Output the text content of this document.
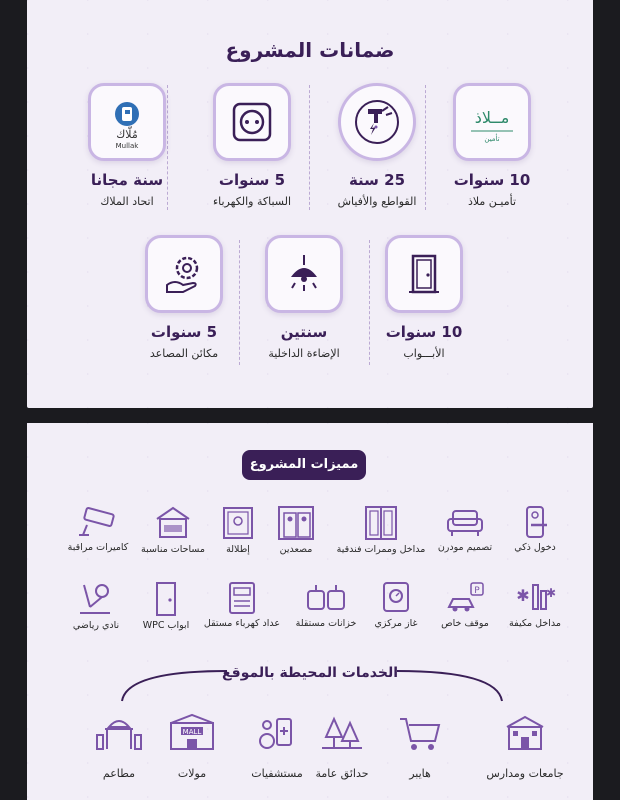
ضمانات المشروع
مُلّاك
Mullak
سنة مجانا
اتحاد الملاك
5 سنوات
السباكة والكهرباء
25 سنة
القواطع والأفياش
مــلاذ
تأمين
10 سنوات
تأميـن ملاذ
5 سنوات
مكائن المصاعد
سنتين
الإضاءة الداخلية
10 سنوات
الأبـــواب
مميزات المشروع
دخول ذكي
تصميم مودرن
مداخل وممرات فندقية
مصعدين
إطلالة
مساحات مناسبة
كاميرات مراقبة
✱ ✱
مداخل مكيفة
P
موقف خاص
غاز مركزي
خزانات مستقلة
عداد كهرباء مستقل
ابواب WPC
نادي رياضي
الخدمات المحيطة بالموقع
جامعات ومدارس
هايبر
حدائق عامة
مستشفيات
MALL
مولات
مطاعم
